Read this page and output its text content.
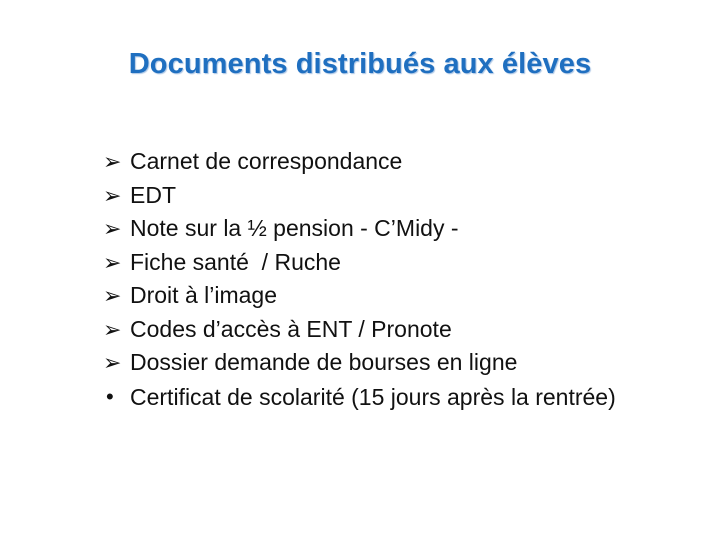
Documents distribués aux élèves
➢ Carnet de correspondance
➢ EDT
➢ Note sur la ½ pension - C’Midy -
➢ Fiche santé  / Ruche
➢ Droit à l’image
➢ Codes d’accès à ENT / Pronote
➢ Dossier demande de bourses en ligne
• Certificat de scolarité (15 jours après la rentrée)
